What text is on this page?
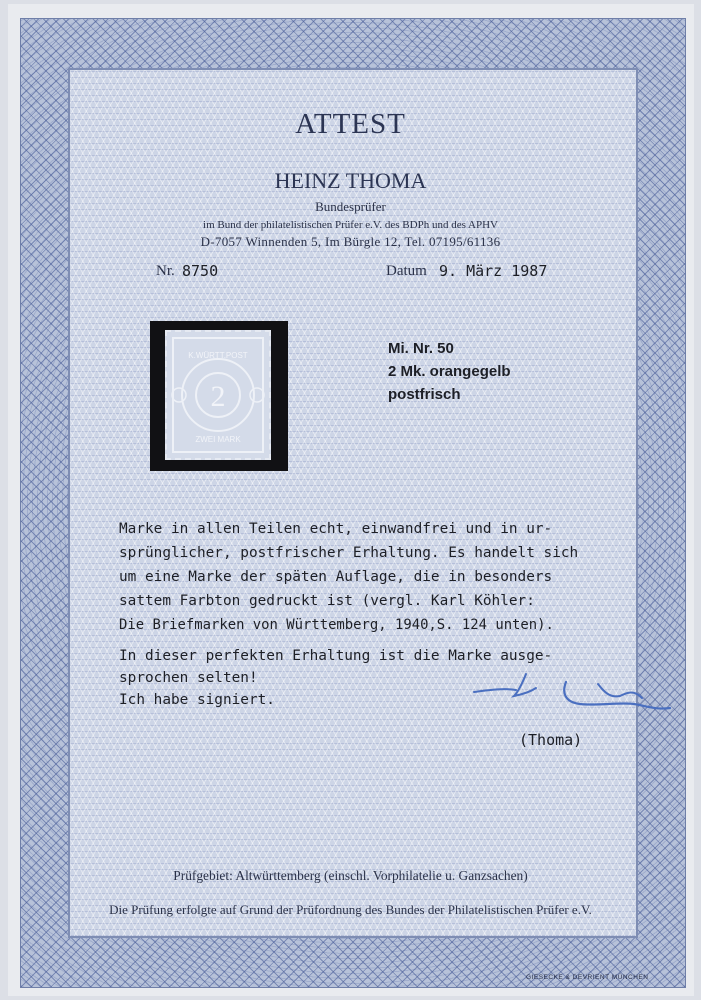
ATTEST
HEINZ THOMA
Bundesprüfer
im Bund der philatelistischen Prüfer e.V. des BDPh und des APHV
D-7057 Winnenden 5, Im Bürgle 12, Tel. 07195/61136
Nr. 8750	Datum 9. März 1987
K.WÜRTT.POST
2
ZWEI MARK
Mi. Nr. 50
2 Mk. orangegelb
postfrisch
Marke in allen Teilen echt, einwandfrei und in ur-
sprünglicher, postfrischer Erhaltung. Es handelt sich
um eine Marke der späten Auflage, die in besonders
sattem Farbton gedruckt ist (vergl. Karl Köhler:
Die Briefmarken von Württemberg, 1940,S. 124 unten).
In dieser perfekten Erhaltung ist die Marke ausge-
sprochen selten!
Ich habe signiert.
(Thoma)
Prüfgebiet: Altwürttemberg (einschl. Vorphilatelie u. Ganzsachen)
Die Prüfung erfolgte auf Grund der Prüfordnung des Bundes der Philatelistischen Prüfer e.V.
GIESECKE & DEVRIENT MÜNCHEN
